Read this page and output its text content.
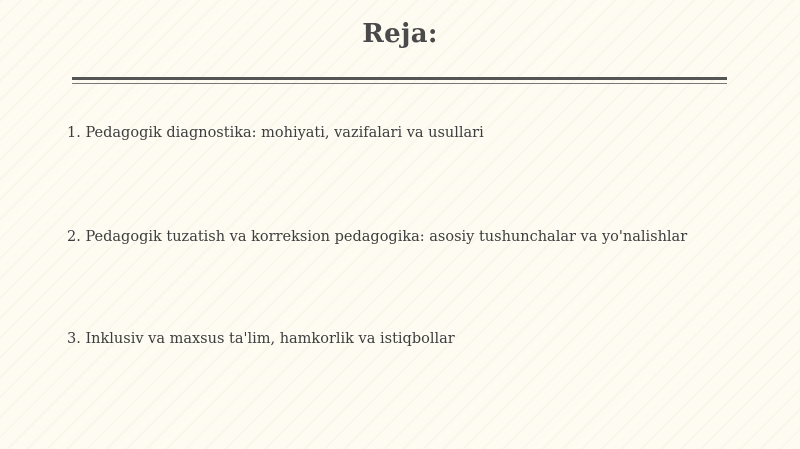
Reja:
1. Pedagogik diagnostika: mohiyati, vazifalari va usullari
2. Pedagogik tuzatish va korreksion pedagogika: asosiy tushunchalar va yo'nalishlar
3. Inklusiv va maxsus ta'lim, hamkorlik va istiqbollar
